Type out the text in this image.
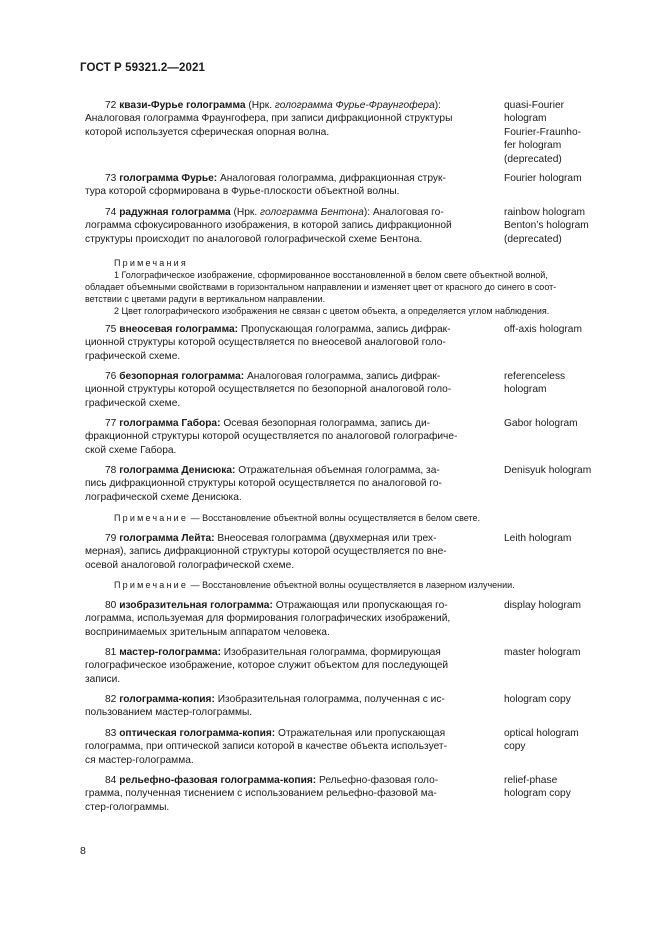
ГОСТ Р 59321.2—2021
72 квази-Фурье голограмма (Нрк. голограмма Фурье-Фраунгофера):
Аналоговая голограмма Фраунгофера, при записи дифракционной структуры
которой используется сферическая опорная волна.
quasi-Fourier
hologram
Fourier-Fraunho-
fer hologram
(deprecated)
73 голограмма Фурье: Аналоговая голограмма, дифракционная струк-
тура которой сформирована в Фурье-плоскости объектной волны.
Fourier hologram
74 радужная голограмма (Нрк. голограмма Бентона): Аналоговая го-
лограмма сфокусированного изображения, в которой запись дифракционной
структуры происходит по аналоговой голографической схеме Бентона.
rainbow hologram
Benton’s hologram
(deprecated)
Примечания
1 Голографическое изображение, сформированное восстановленной в белом свете объектной волной,
обладает объемными свойствами в горизонтальном направлении и изменяет цвет от красного до синего в соот-
ветствии с цветами радуги в вертикальном направлении.
2 Цвет голографического изображения не связан с цветом объекта, а определяется углом наблюдения.
75 внеосевая голограмма: Пропускающая голограмма, запись дифрак-
ционной структуры которой осуществляется по внеосевой аналоговой голо-
графической схеме.
off-axis hologram
76 безопорная голограмма: Аналоговая голограмма, запись дифрак-
ционной структуры которой осуществляется по безопорной аналоговой голо-
графической схеме.
referenceless
hologram
77 голограмма Габора: Осевая безопорная голограмма, запись ди-
фракционной структуры которой осуществляется по аналоговой голографиче-
ской схеме Габора.
Gabor hologram
78 голограмма Денисюка: Отражательная объемная голограмма, за-
пись дифракционной структуры которой осуществляется по аналоговой го-
лографической схеме Денисюка.
Denisyuk hologram
Примечание — Восстановление объектной волны осуществляется в белом свете.
79 голограмма Лейта: Внеосевая голограмма (двухмерная или трех-
мерная), запись дифракционной структуры которой осуществляется по вне-
осевой аналоговой голографической схеме.
Leith hologram
Примечание — Восстановление объектной волны осуществляется в лазерном излучении.
80 изобразительная голограмма: Отражающая или пропускающая го-
лограмма, используемая для формирования голографических изображений,
воспринимаемых зрительным аппаратом человека.
display hologram
81 мастер-голограмма: Изобразительная голограмма, формирующая
голографическое изображение, которое служит объектом для последующей
записи.
master hologram
82 голограмма-копия: Изобразительная голограмма, полученная с ис-
пользованием мастер-голограммы.
hologram copy
83 оптическая голограмма-копия: Отражательная или пропускающая
голограмма, при оптической записи которой в качестве объекта использует-
ся мастер-голограмма.
optical hologram
copy
84 рельефно-фазовая голограмма-копия: Рельефно-фазовая голо-
грамма, полученная тиснением с использованием рельефно-фазовой ма-
стер-голограммы.
relief-phase
hologram copy
8
